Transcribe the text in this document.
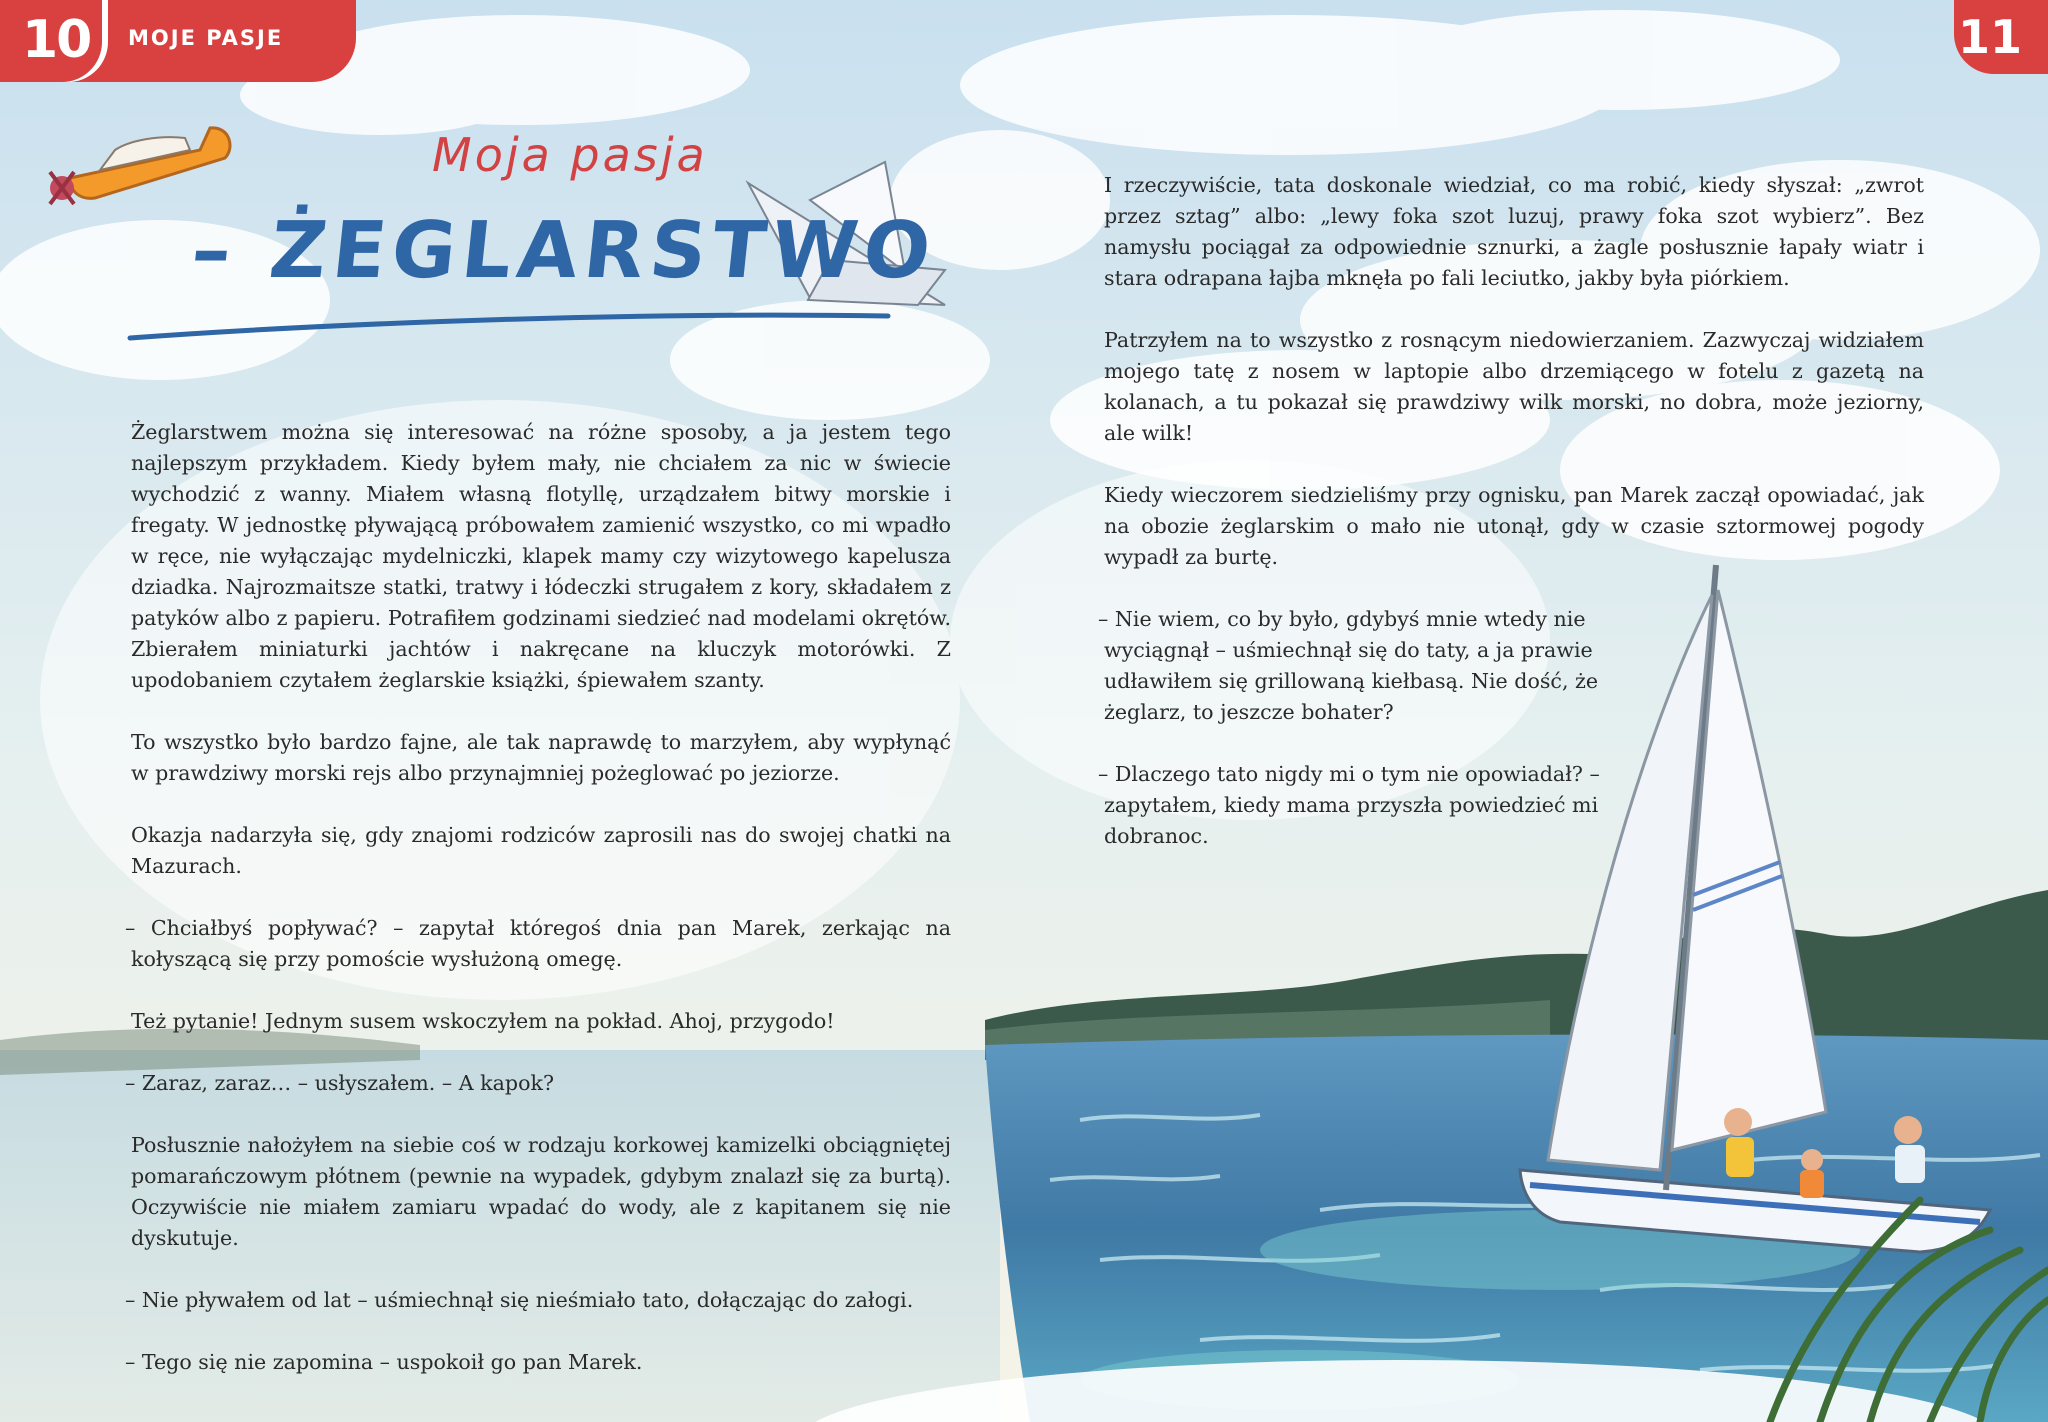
10 MOJE PASJE	11
Moja pasja
– ŻEGLARSTWO

Żeglarstwem można się interesować na różne sposoby, a ja jestem tego najlepszym przykładem. Kiedy byłem mały, nie chciałem za nic w świecie wychodzić z wanny. Miałem własną flotyllę, urządzałem bitwy morskie i fregaty. W jednostkę pływającą próbowałem zamienić wszystko, co mi wpadło w ręce, nie wyłączając mydelniczki, klapek mamy czy wizytowego kapelusza dziadka. Najrozmaitsze statki, tratwy i łódeczki strugałem z kory, składałem z patyków albo z papieru. Potrafiłem godzinami siedzieć nad modelami okrętów. Zbierałem miniaturki jachtów i nakręcane na kluczyk motorówki. Z upodobaniem czytałem żeglarskie książki, śpiewałem szanty.

To wszystko było bardzo fajne, ale tak naprawdę to marzyłem, aby wypłynąć w prawdziwy morski rejs albo przynajmniej pożeglować po jeziorze.

Okazja nadarzyła się, gdy znajomi rodziców zaprosili nas do swojej chatki na Mazurach.

– Chciałbyś popływać? – zapytał któregoś dnia pan Marek, zerkając na kołyszącą się przy pomoście wysłużoną omegę.

Też pytanie! Jednym susem wskoczyłem na pokład. Ahoj, przygodo!

– Zaraz, zaraz… – usłyszałem. – A kapok?

Posłusznie nałożyłem na siebie coś w rodzaju korkowej kamizelki obciągniętej pomarańczowym płótnem (pewnie na wypadek, gdybym znalazł się za burtą). Oczywiście nie miałem zamiaru wpadać do wody, ale z kapitanem się nie dyskutuje.

– Nie pływałem od lat – uśmiechnął się nieśmiało tato, dołączając do załogi.

– Tego się nie zapomina – uspokoił go pan Marek.

I rzeczywiście, tata doskonale wiedział, co ma robić, kiedy słyszał: „zwrot przez sztag” albo: „lewy foka szot luzuj, prawy foka szot wybierz”. Bez namysłu pociągał za odpowiednie sznurki, a żagle posłusznie łapały wiatr i stara odrapana łajba mknęła po fali leciutko, jakby była piórkiem.

Patrzyłem na to wszystko z rosnącym niedowierzaniem. Zazwyczaj widziałem mojego tatę z nosem w laptopie albo drzemiącego w fotelu z gazetą na kolanach, a tu pokazał się prawdziwy wilk morski, no dobra, może jeziorny, ale wilk!

Kiedy wieczorem siedzieliśmy przy ognisku, pan Marek zaczął opowiadać, jak na obozie żeglarskim o mało nie utonął, gdy w czasie sztormowej pogody wypadł za burtę.

– Nie wiem, co by było, gdybyś mnie wtedy nie wyciągnął – uśmiechnął się do taty, a ja prawie udławiłem się grillowaną kiełbasą. Nie dość, że żeglarz, to jeszcze bohater?

– Dlaczego tato nigdy mi o tym nie opowiadał? – zapytałem, kiedy mama przyszła powiedzieć mi dobranoc.
